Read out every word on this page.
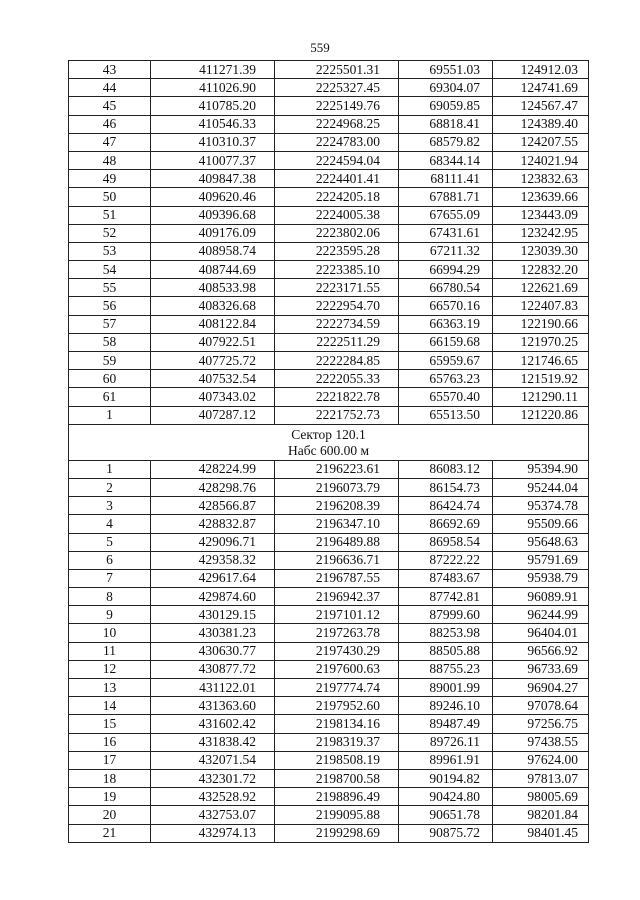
559
43	411271.39	2225501.31	69551.03	124912.03
44	411026.90	2225327.45	69304.07	124741.69
45	410785.20	2225149.76	69059.85	124567.47
46	410546.33	2224968.25	68818.41	124389.40
47	410310.37	2224783.00	68579.82	124207.55
48	410077.37	2224594.04	68344.14	124021.94
49	409847.38	2224401.41	68111.41	123832.63
50	409620.46	2224205.18	67881.71	123639.66
51	409396.68	2224005.38	67655.09	123443.09
52	409176.09	2223802.06	67431.61	123242.95
53	408958.74	2223595.28	67211.32	123039.30
54	408744.69	2223385.10	66994.29	122832.20
55	408533.98	2223171.55	66780.54	122621.69
56	408326.68	2222954.70	66570.16	122407.83
57	408122.84	2222734.59	66363.19	122190.66
58	407922.51	2222511.29	66159.68	121970.25
59	407725.72	2222284.85	65959.67	121746.65
60	407532.54	2222055.33	65763.23	121519.92
61	407343.02	2221822.78	65570.40	121290.11
1	407287.12	2221752.73	65513.50	121220.86

Сектор 120.1
Набс 600.00 м				

1	428224.99	2196223.61	86083.12	95394.90
2	428298.76	2196073.79	86154.73	95244.04
3	428566.87	2196208.39	86424.74	95374.78
4	428832.87	2196347.10	86692.69	95509.66
5	429096.71	2196489.88	86958.54	95648.63
6	429358.32	2196636.71	87222.22	95791.69
7	429617.64	2196787.55	87483.67	95938.79
8	429874.60	2196942.37	87742.81	96089.91
9	430129.15	2197101.12	87999.60	96244.99
10	430381.23	2197263.78	88253.98	96404.01
11	430630.77	2197430.29	88505.88	96566.92
12	430877.72	2197600.63	88755.23	96733.69
13	431122.01	2197774.74	89001.99	96904.27
14	431363.60	2197952.60	89246.10	97078.64
15	431602.42	2198134.16	89487.49	97256.75
16	431838.42	2198319.37	89726.11	97438.55
17	432071.54	2198508.19	89961.91	97624.00
18	432301.72	2198700.58	90194.82	97813.07
19	432528.92	2198896.49	90424.80	98005.69
20	432753.07	2199095.88	90651.78	98201.84
21	432974.13	2199298.69	90875.72	98401.45
